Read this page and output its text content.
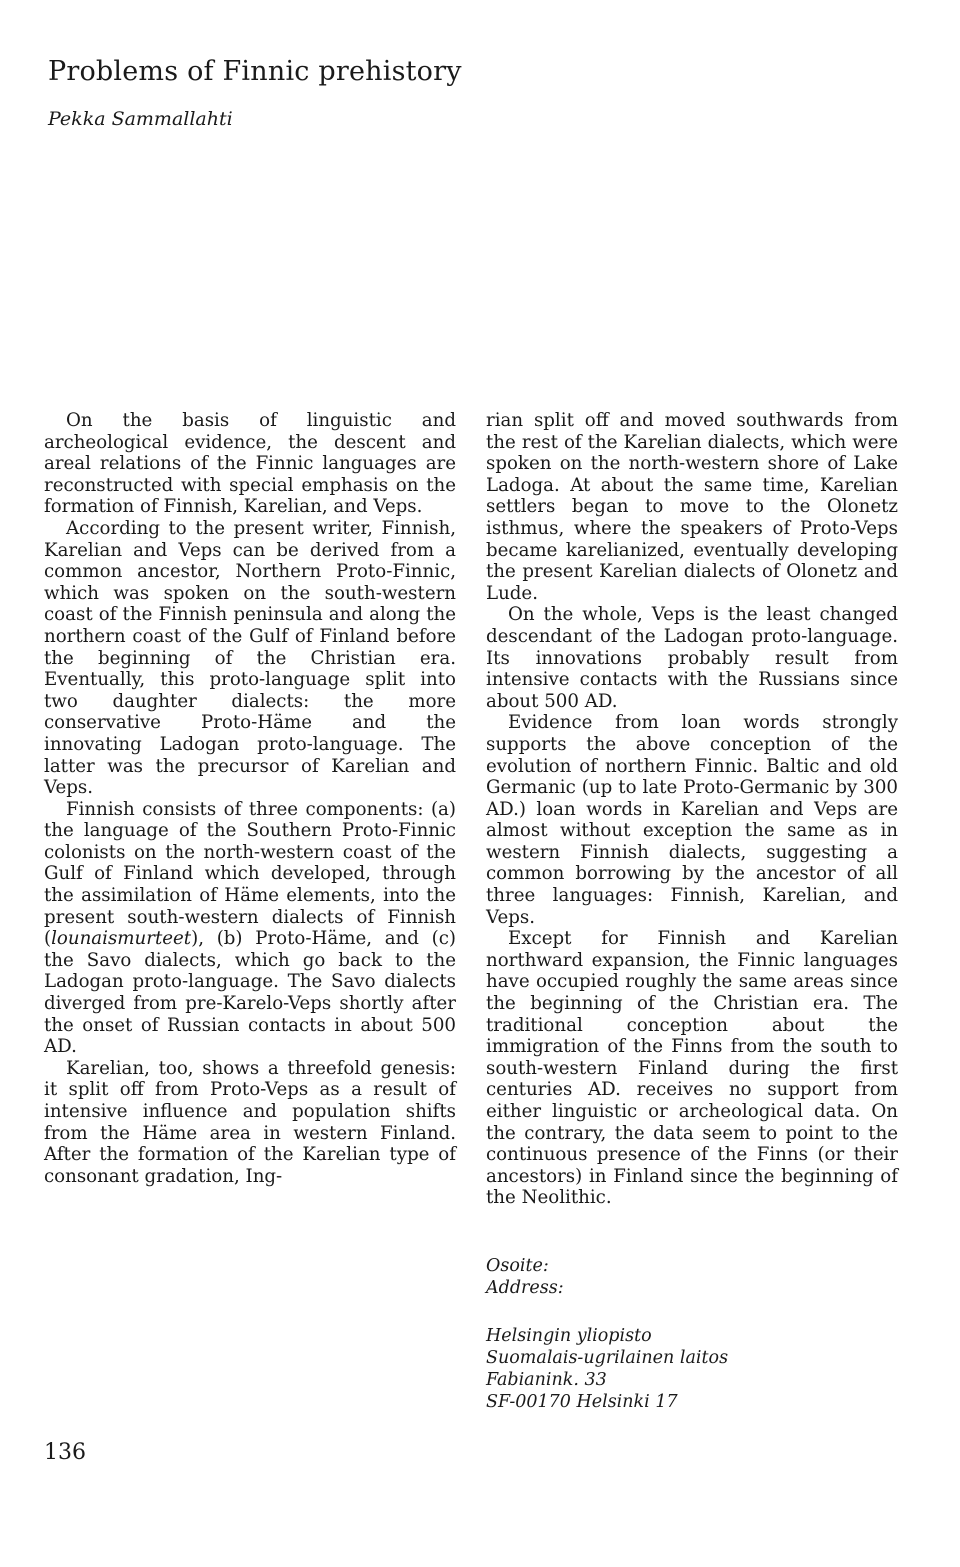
Problems of Finnic prehistory
Pekka Sammallahti

On the basis of linguistic and archeological evidence, the descent and areal relations of the Finnic languages are reconstructed with special emphasis on the formation of Finnish, Karelian, and Veps.

According to the present writer, Finnish, Karelian and Veps can be derived from a common ancestor, Northern Proto-Finnic, which was spoken on the south-western coast of the Finnish peninsula and along the northern coast of the Gulf of Finland before the beginning of the Christian era. Eventually, this proto-language split into two daughter dialects: the more conservative Proto-Häme and the innovating Ladogan proto-language. The latter was the precursor of Karelian and Veps.

Finnish consists of three components: (a) the language of the Southern Proto-Finnic colonists on the north-western coast of the Gulf of Finland which developed, through the assimilation of Häme elements, into the present south-western dialects of Finnish (lounaismurteet), (b) Proto-Häme, and (c) the Savo dialects, which go back to the Ladogan proto-language. The Savo dialects diverged from pre-Karelo-Veps shortly after the onset of Russian contacts in about 500 AD.

Karelian, too, shows a threefold genesis: it split off from Proto-Veps as a result of intensive influence and population shifts from the Häme area in western Finland. After the formation of the Karelian type of consonant gradation, Ing-

rian split off and moved southwards from the rest of the Karelian dialects, which were spoken on the north-western shore of Lake Ladoga. At about the same time, Karelian settlers began to move to the Olonetz isthmus, where the speakers of Proto-Veps became karelianized, eventually developing the present Karelian dialects of Olonetz and Lude.

On the whole, Veps is the least changed descendant of the Ladogan proto-language. Its innovations probably result from intensive contacts with the Russians since about 500 AD.

Evidence from loan words strongly supports the above conception of the evolution of northern Finnic. Baltic and old Germanic (up to late Proto-Germanic by 300 AD.) loan words in Karelian and Veps are almost without exception the same as in western Finnish dialects, suggesting a common borrowing by the ancestor of all three languages: Finnish, Karelian, and Veps.

Except for Finnish and Karelian northward expansion, the Finnic languages have occupied roughly the same areas since the beginning of the Christian era. The traditional conception about the immigration of the Finns from the south to south-western Finland during the first centuries AD. receives no support from either linguistic or archeological data. On the contrary, the data seem to point to the continuous presence of the Finns (or their ancestors) in Finland since the beginning of the Neolithic.

Osoite:
Address:
Helsingin yliopisto
Suomalais-ugrilainen laitos
Fabianink. 33
SF-00170 Helsinki 17
136
